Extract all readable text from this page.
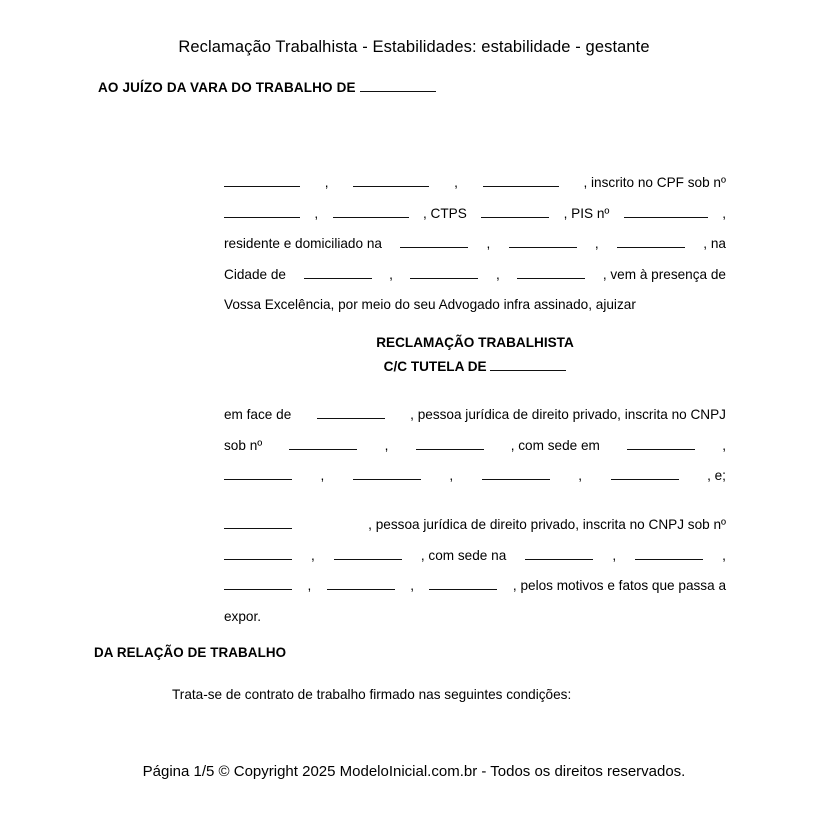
Reclamação Trabalhista - Estabilidades: estabilidade - gestante
AO JUÍZO DA VARA DO TRABALHO DE
,	,	, inscrito no CPF sob nº
,	, CTPS	, PIS nº	,
residente e domiciliado na	,	,	, na
Cidade de	,	,	, vem à presença de
Vossa Excelência, por meio do seu Advogado infra assinado, ajuizar
RECLAMAÇÃO TRABALHISTA
C/C TUTELA DE
em face de	, pessoa jurídica de direito privado, inscrita no CNPJ
sob nº	,	, com sede em	,
,	,	,	, e;
, pessoa jurídica de direito privado, inscrita no CNPJ sob nº
,	, com sede na	,	,
,	,	, pelos motivos e fatos que passa a
expor.
DA RELAÇÃO DE TRABALHO
Trata-se de contrato de trabalho firmado nas seguintes condições:
Página 1/5 © Copyright 2025 ModeloInicial.com.br - Todos os direitos reservados.
